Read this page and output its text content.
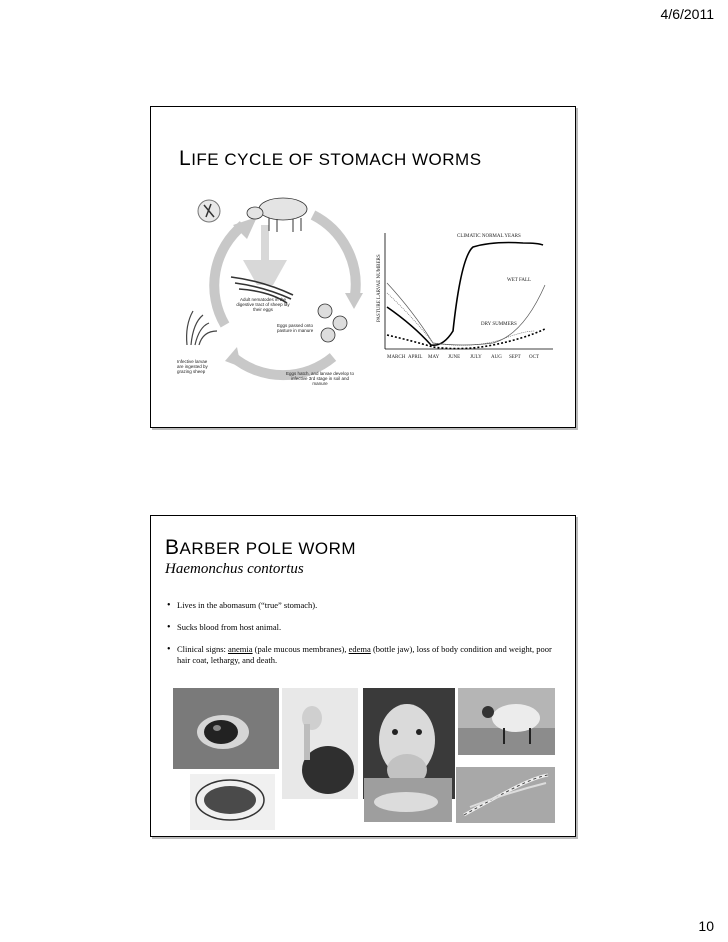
4/6/2011
LIFE CYCLE OF STOMACH WORMS
Adult nematodes in the digestive tract of sheep lay their eggs
Eggs passed onto pasture in manure
Eggs hatch, and larvae develop to infective 3rd stage in soil and manure
Infective larvae are ingested by grazing sheep
PASTURE LARVAE NUMBERS
MARCH APRIL MAY JUNE JULY AUG SEPT OCT
CLIMATIC NORMAL YEARS
WET FALL
DRY SUMMERS
BARBER POLE WORM
Haemonchus contortus
• Lives in the abomasum (“true” stomach).
• Sucks blood from host animal.
• Clinical signs: anemia (pale mucous membranes), edema (bottle jaw), loss of body condition and weight, poor hair coat, lethargy, and death.
10
